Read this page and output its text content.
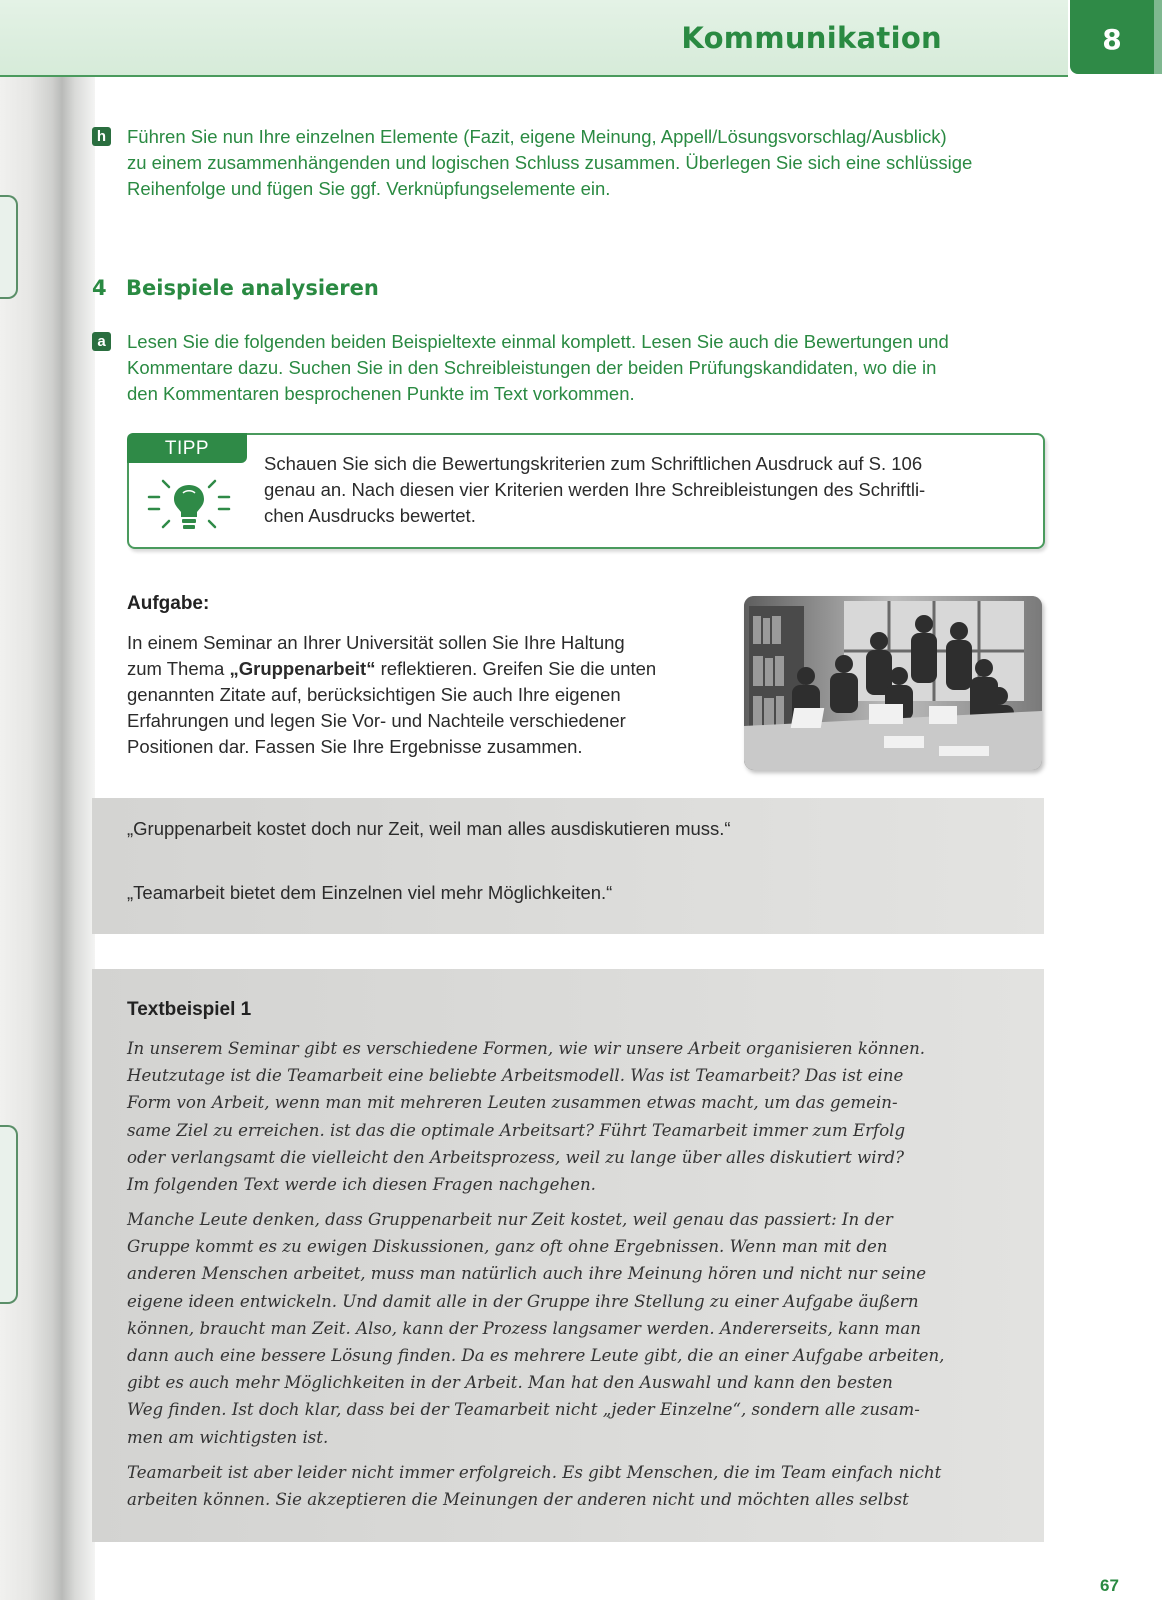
Kommunikation	8
h Führen Sie nun Ihre einzelnen Elemente (Fazit, eigene Meinung, Appell/Lösungsvorschlag/Ausblick)
zu einem zusammenhängenden und logischen Schluss zusammen. Überlegen Sie sich eine schlüssige
Reihenfolge und fügen Sie ggf. Verknüpfungselemente ein.
4 Beispiele analysieren
a Lesen Sie die folgenden beiden Beispieltexte einmal komplett. Lesen Sie auch die Bewertungen und
Kommentare dazu. Suchen Sie in den Schreibleistungen der beiden Prüfungskandidaten, wo die in
den Kommentaren besprochenen Punkte im Text vorkommen.
TIPP
Schauen Sie sich die Bewertungskriterien zum Schriftlichen Ausdruck auf S. 106
genau an. Nach diesen vier Kriterien werden Ihre Schreibleistungen des Schriftli-
chen Ausdrucks bewertet.
Aufgabe:
In einem Seminar an Ihrer Universität sollen Sie Ihre Haltung
zum Thema „Gruppenarbeit“ reflektieren. Greifen Sie die unten
genannten Zitate auf, berücksichtigen Sie auch Ihre eigenen
Erfahrungen und legen Sie Vor- und Nachteile verschiedener
Positionen dar. Fassen Sie Ihre Ergebnisse zusammen.
„Gruppenarbeit kostet doch nur Zeit, weil man alles ausdiskutieren muss.“
„Teamarbeit bietet dem Einzelnen viel mehr Möglichkeiten.“
Textbeispiel 1
In unserem Seminar gibt es verschiedene Formen, wie wir unsere Arbeit organisieren können.
Heutzutage ist die Teamarbeit eine beliebte Arbeitsmodell. Was ist Teamarbeit? Das ist eine
Form von Arbeit, wenn man mit mehreren Leuten zusammen etwas macht, um das gemein-
same Ziel zu erreichen. ist das die optimale Arbeitsart? Führt Teamarbeit immer zum Erfolg
oder verlangsamt die vielleicht den Arbeitsprozess, weil zu lange über alles diskutiert wird?
Im folgenden Text werde ich diesen Fragen nachgehen.
Manche Leute denken, dass Gruppenarbeit nur Zeit kostet, weil genau das passiert: In der
Gruppe kommt es zu ewigen Diskussionen, ganz oft ohne Ergebnissen. Wenn man mit den
anderen Menschen arbeitet, muss man natürlich auch ihre Meinung hören und nicht nur seine
eigene ideen entwickeln. Und damit alle in der Gruppe ihre Stellung zu einer Aufgabe äußern
können, braucht man Zeit. Also, kann der Prozess langsamer werden. Andererseits, kann man
dann auch eine bessere Lösung finden. Da es mehrere Leute gibt, die an einer Aufgabe arbeiten,
gibt es auch mehr Möglichkeiten in der Arbeit. Man hat den Auswahl und kann den besten
Weg finden. Ist doch klar, dass bei der Teamarbeit nicht „jeder Einzelne“, sondern alle zusam-
men am wichtigsten ist.
Teamarbeit ist aber leider nicht immer erfolgreich. Es gibt Menschen, die im Team einfach nicht
arbeiten können. Sie akzeptieren die Meinungen der anderen nicht und möchten alles selbst
67
